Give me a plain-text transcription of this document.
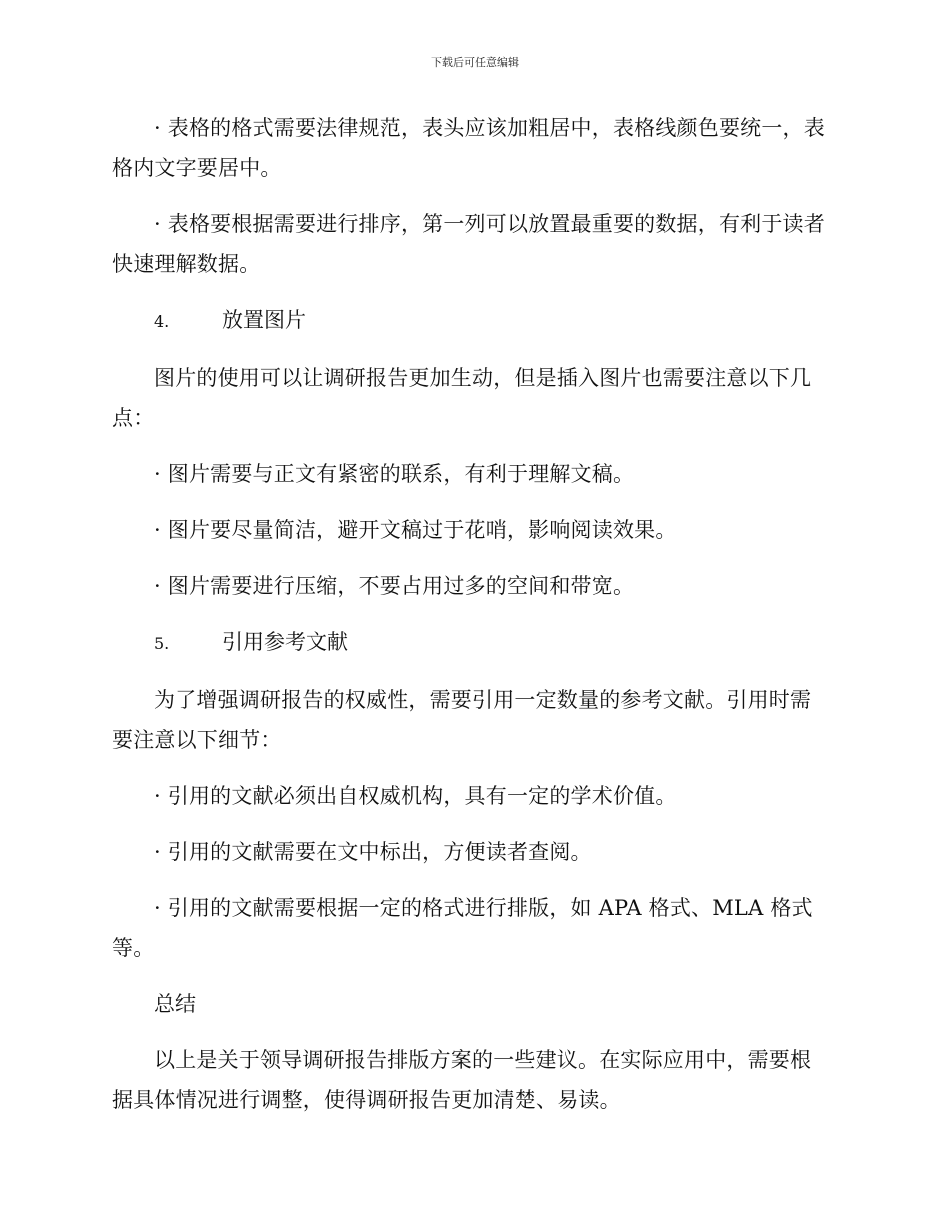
下载后可任意编辑

· 表格的格式需要法律规范，表头应该加粗居中，表格线颜色要统一，表格内文字要居中。

· 表格要根据需要进行排序，第一列可以放置最重要的数据，有利于读者快速理解数据。

4.	放置图片

图片的使用可以让调研报告更加生动，但是插入图片也需要注意以下几点：

· 图片需要与正文有紧密的联系，有利于理解文稿。

· 图片要尽量简洁，避开文稿过于花哨，影响阅读效果。

· 图片需要进行压缩，不要占用过多的空间和带宽。

5.	引用参考文献

为了增强调研报告的权威性，需要引用一定数量的参考文献。引用时需要注意以下细节：

· 引用的文献必须出自权威机构，具有一定的学术价值。

· 引用的文献需要在文中标出，方便读者查阅。

· 引用的文献需要根据一定的格式进行排版，如 APA 格式、MLA 格式等。

总结

以上是关于领导调研报告排版方案的一些建议。在实际应用中，需要根据具体情况进行调整，使得调研报告更加清楚、易读。
